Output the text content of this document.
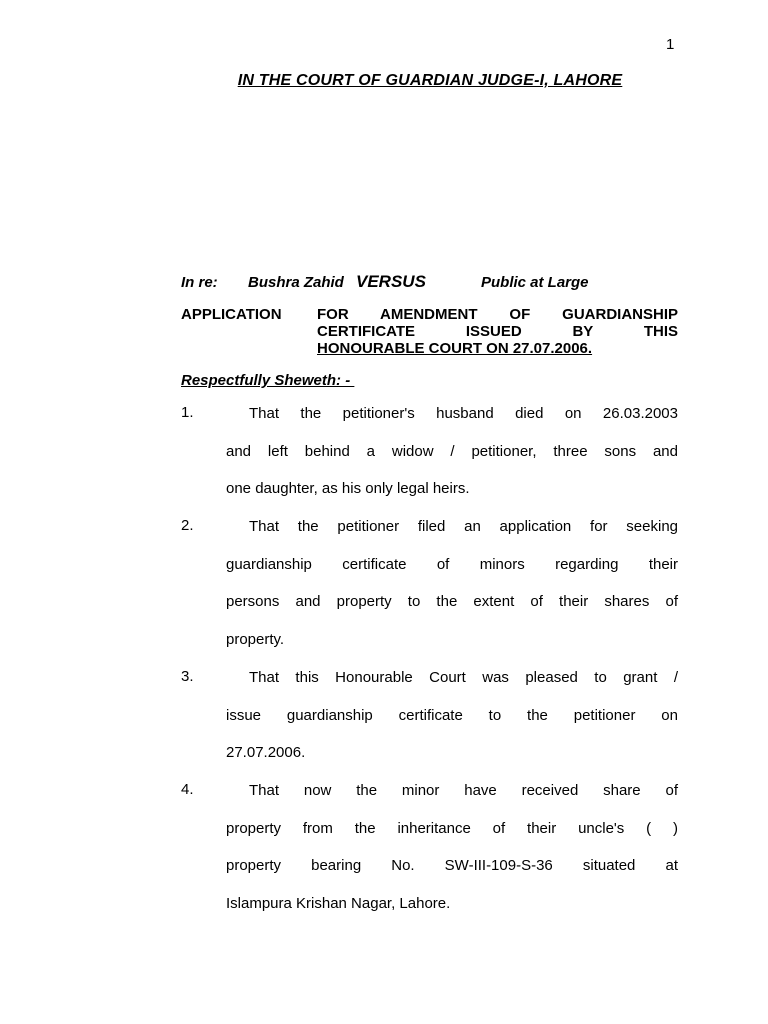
1
IN THE COURT OF GUARDIAN JUDGE-I, LAHORE
In re: Bushra Zahid VERSUS	Public at Large
APPLICATION FOR AMENDMENT OF GUARDIANSHIP
CERTIFICATE ISSUED BY THIS
HONOURABLE COURT ON 27.07.2006.
Respectfully Sheweth: -
1.	That the petitioner's husband died on 26.03.2003
and left behind a widow / petitioner, three sons and
one daughter, as his only legal heirs.
2.	That the petitioner filed an application for seeking
guardianship certificate of minors regarding their
persons and property to the extent of their shares of
property.
3.	That this Honourable Court was pleased to grant /
issue guardianship certificate to the petitioner on
27.07.2006.
4.	That now the minor have received share of
property from the inheritance of their uncle's ( )
property bearing No. SW-III-109-S-36 situated at
Islampura Krishan Nagar, Lahore.
